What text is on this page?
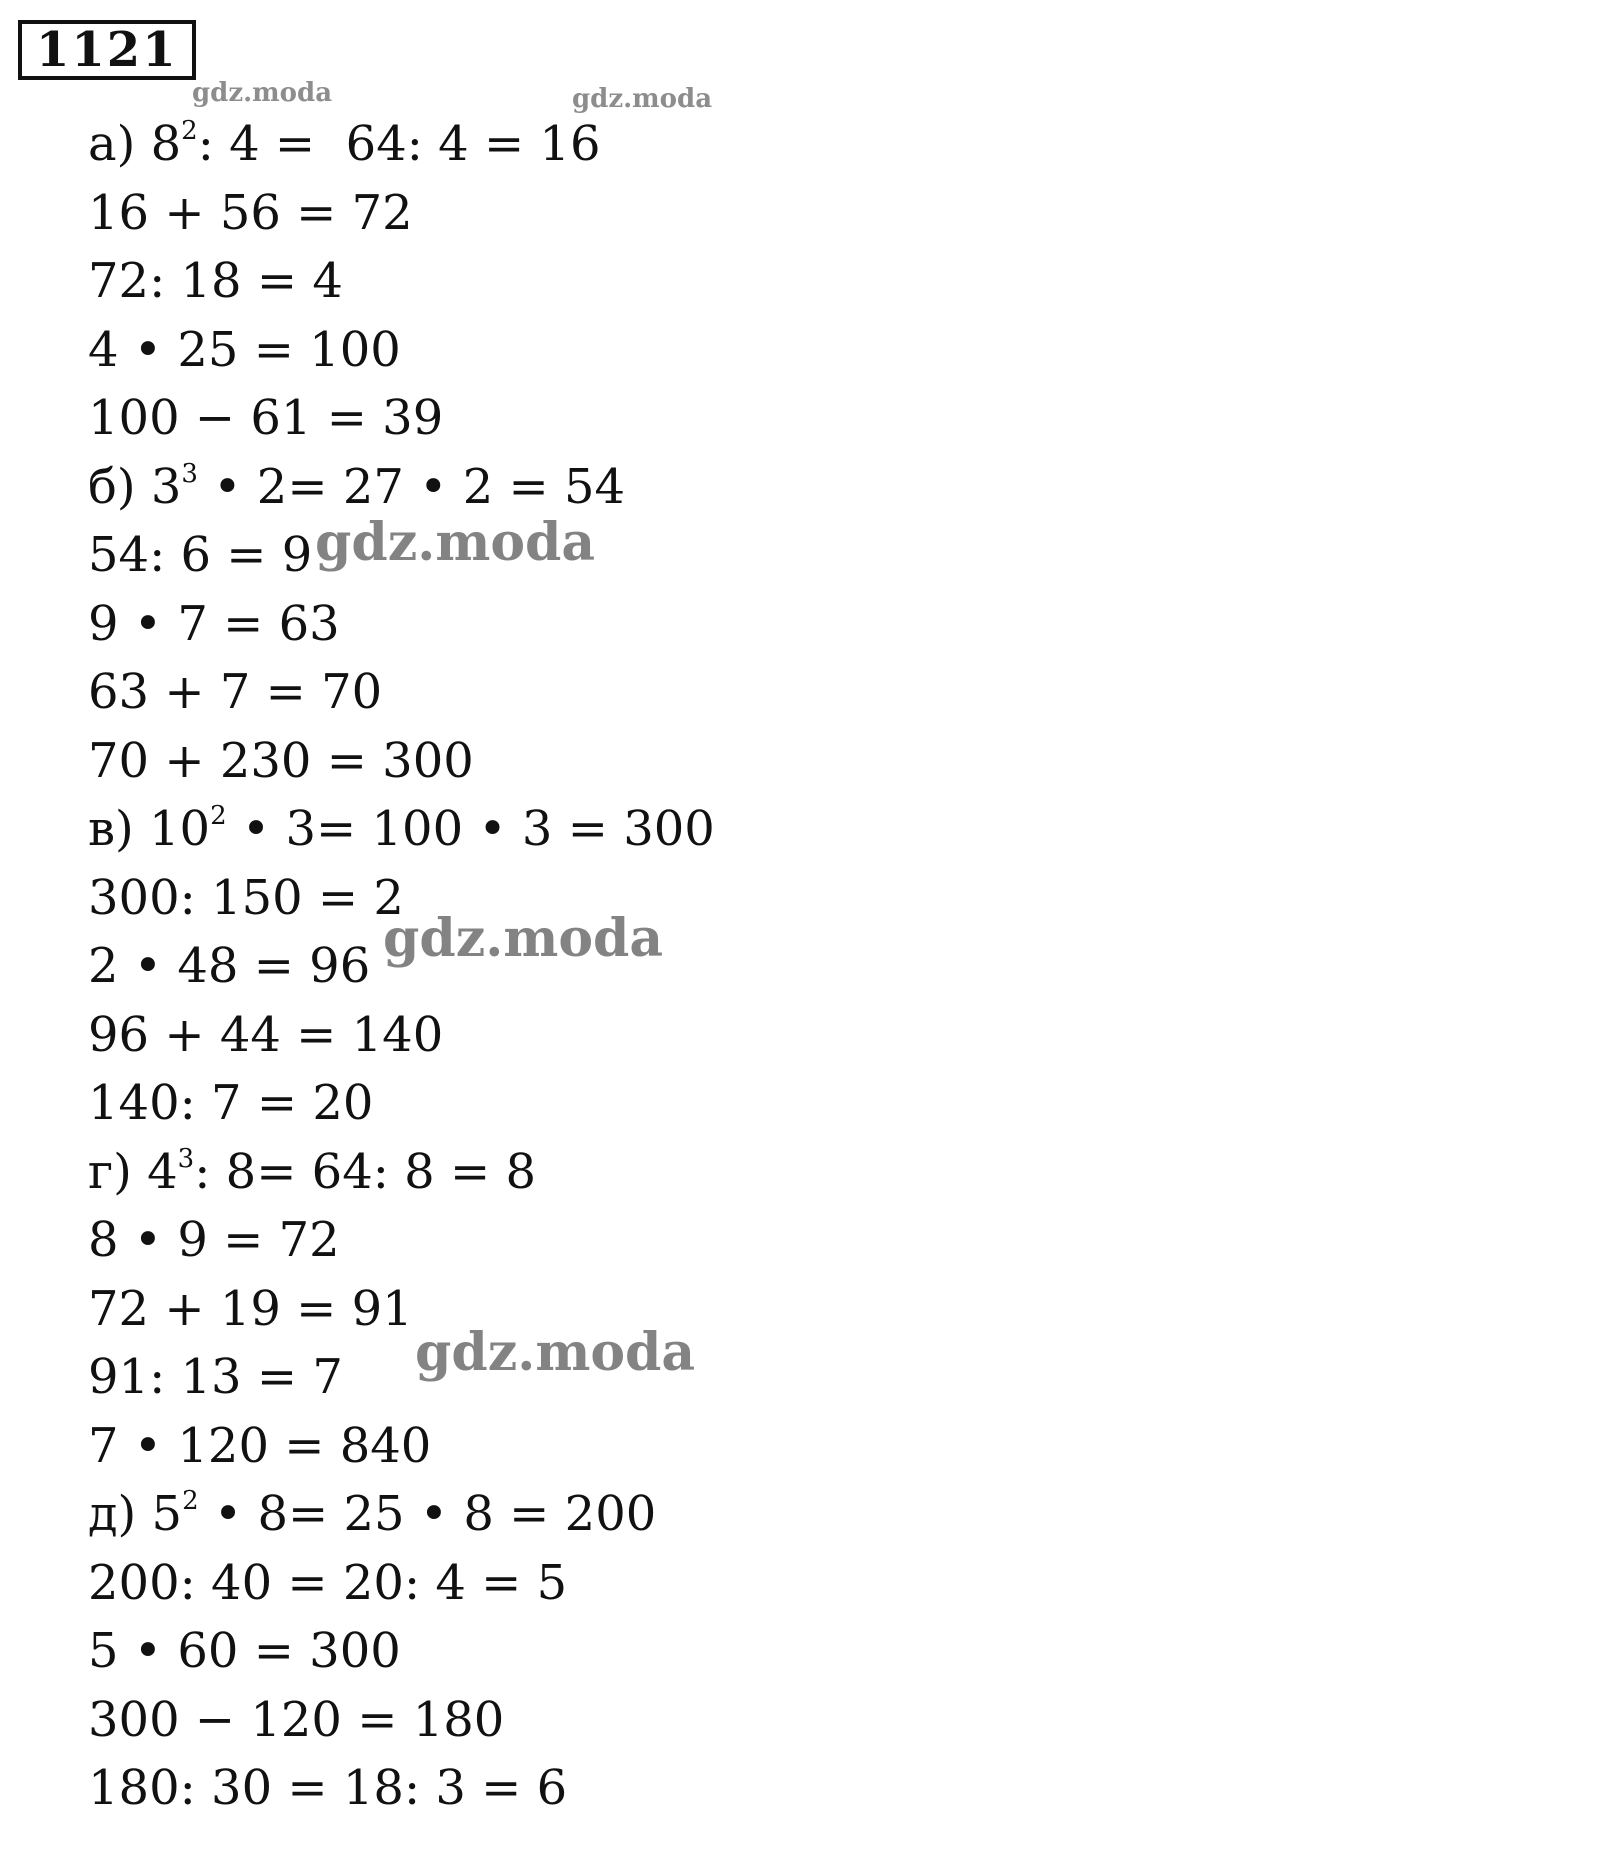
1121
а) $8^2$: 4 =  64: 4 = 16
16 + 56 = 72
72: 18 = 4
4 • 25 = 100
100 − 61 = 39
б) $3^3$ • 2= 27 • 2 = 54
54: 6 = 9
9 • 7 = 63
63 + 7 = 70
70 + 230 = 300
в) $10^2$ • 3= 100 • 3 = 300
300: 150 = 2
2 • 48 = 96
96 + 44 = 140
140: 7 = 20
г) $4^3$: 8= 64: 8 = 8
8 • 9 = 72
72 + 19 = 91
91: 13 = 7
7 • 120 = 840
д) $5^2$ • 8= 25 • 8 = 200
200: 40 = 20: 4 = 5
5 • 60 = 300
300 − 120 = 180
180: 30 = 18: 3 = 6
gdz.moda	gdz.moda
gdz.moda
gdz.moda
gdz.moda
